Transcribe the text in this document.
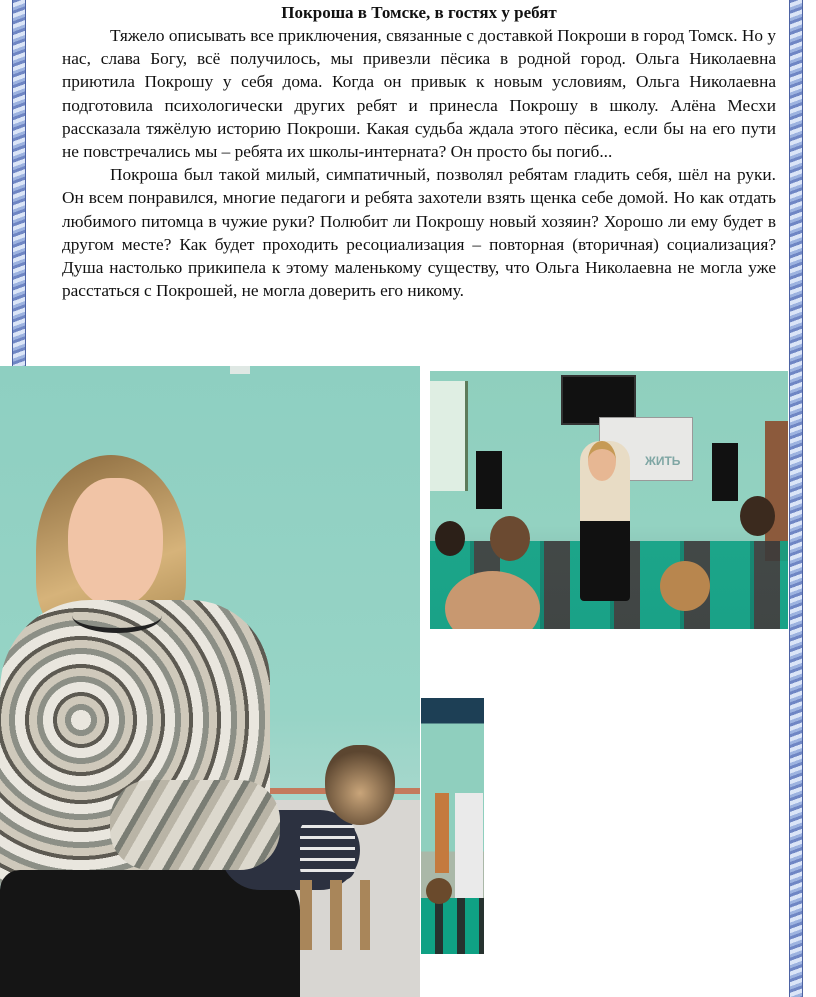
Покроша в Томске, в гостях у ребят

Тяжело описывать все приключения, связанные с доставкой Покроши в город Томск. Но у нас, слава Богу, всё получилось, мы привезли пёсика в родной город. Ольга Николаевна приютила Покрошу у себя дома. Когда он привык к новым условиям, Ольга Николаевна подготовила психологически других ребят и принесла Покрошу в школу. Алёна Месхи рассказала тяжёлую историю Покроши. Какая судьба ждала этого пёсика, если бы на его пути не повстречались мы – ребята их школы-интерната? Он просто бы погиб...

Покроша был такой милый, симпатичный, позволял ребятам гладить себя, шёл на руки. Он всем понравился, многие педагоги и ребята захотели взять щенка себе домой. Но как отдать любимого питомца в чужие руки? Полюбит ли Покрошу новый хозяин? Хорошо ли ему будет в другом месте? Как будет проходить ресоциализация – повторная (вторичная) социализация? Душа настолько прикипела к этому маленькому существу, что Ольга Николаевна не могла уже расстаться с Покрошей, не могла доверить его никому.

ЖИТЬ
